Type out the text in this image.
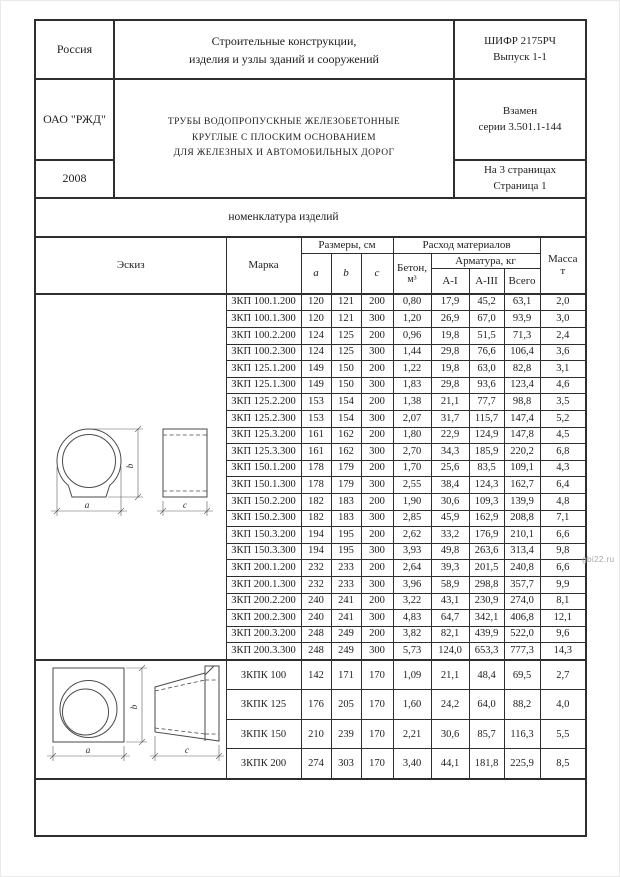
Россия	
Строительные конструкции,
изделия и узлы зданий и сооружений

ШИФР 2175РЧ
Выпуск 1-1

ОАО "РЖД"	ТРУБЫ ВОДОПРОПУСКНЫЕ ЖЕЛЕЗОБЕТОННЫЕ
КРУГЛЫЕ С ПЛОСКИМ ОСНОВАНИЕМ
ДЛЯ ЖЕЛЕЗНЫХ И АВТОМОБИЛЬНЫХ ДОРОГ

Взамен
серии 3.501.1-144

2008		На 3 страницах
Страница 1
номенклатура изделий
Эскиз	Марка	Размеры, см			Расход материалов				Масса
т

		a	b	c	Бетон,
м³	Арматура, кг			
						А-I	А-III	Всего	

a
b
c	ЗКП 100.1.200	120	121	200	0,80	17,9	45,2	63,1	2,0
	ЗКП 100.1.300	120	121	300	1,20	26,9	67,0	93,9	3,0
	ЗКП 100.2.200	124	125	200	0,96	19,8	51,5	71,3	2,4
	ЗКП 100.2.300	124	125	300	1,44	29,8	76,6	106,4	3,6
	ЗКП 125.1.200	149	150	200	1,22	19,8	63,0	82,8	3,1
	ЗКП 125.1.300	149	150	300	1,83	29,8	93,6	123,4	4,6
	ЗКП 125.2.200	153	154	200	1,38	21,1	77,7	98,8	3,5
	ЗКП 125.2.300	153	154	300	2,07	31,7	115,7	147,4	5,2
	ЗКП 125.3.200	161	162	200	1,80	22,9	124,9	147,8	4,5
	ЗКП 125.3.300	161	162	300	2,70	34,3	185,9	220,2	6,8
	ЗКП 150.1.200	178	179	200	1,70	25,6	83,5	109,1	4,3
	ЗКП 150.1.300	178	179	300	2,55	38,4	124,3	162,7	6,4
	ЗКП 150.2.200	182	183	200	1,90	30,6	109,3	139,9	4,8
	ЗКП 150.2.300	182	183	300	2,85	45,9	162,9	208,8	7,1
	ЗКП 150.3.200	194	195	200	2,62	33,2	176,9	210,1	6,6
	ЗКП 150.3.300	194	195	300	3,93	49,8	263,6	313,4	9,8
	ЗКП 200.1.200	232	233	200	2,64	39,3	201,5	240,8	6,6
	ЗКП 200.1.300	232	233	300	3,96	58,9	298,8	357,7	9,9
	ЗКП 200.2.200	240	241	200	3,22	43,1	230,9	274,0	8,1
	ЗКП 200.2.300	240	241	300	4,83	64,7	342,1	406,8	12,1
	ЗКП 200.3.200	248	249	200	3,82	82,1	439,9	522,0	9,6
	ЗКП 200.3.300	248	249	300	5,73	124,0	653,3	777,3	14,3

a
b
c	ЗКПК 100	142	171	170	1,09	21,1	48,4	69,5	2,7
	ЗКПК 125	176	205	170	1,60	24,2	64,0	88,2	4,0
	ЗКПК 150	210	239	170	2,21	30,6	85,7	116,3	5,5
	ЗКПК 200	274	303	170	3,40	44,1	181,8	225,9	8,5

gbi22.ru
